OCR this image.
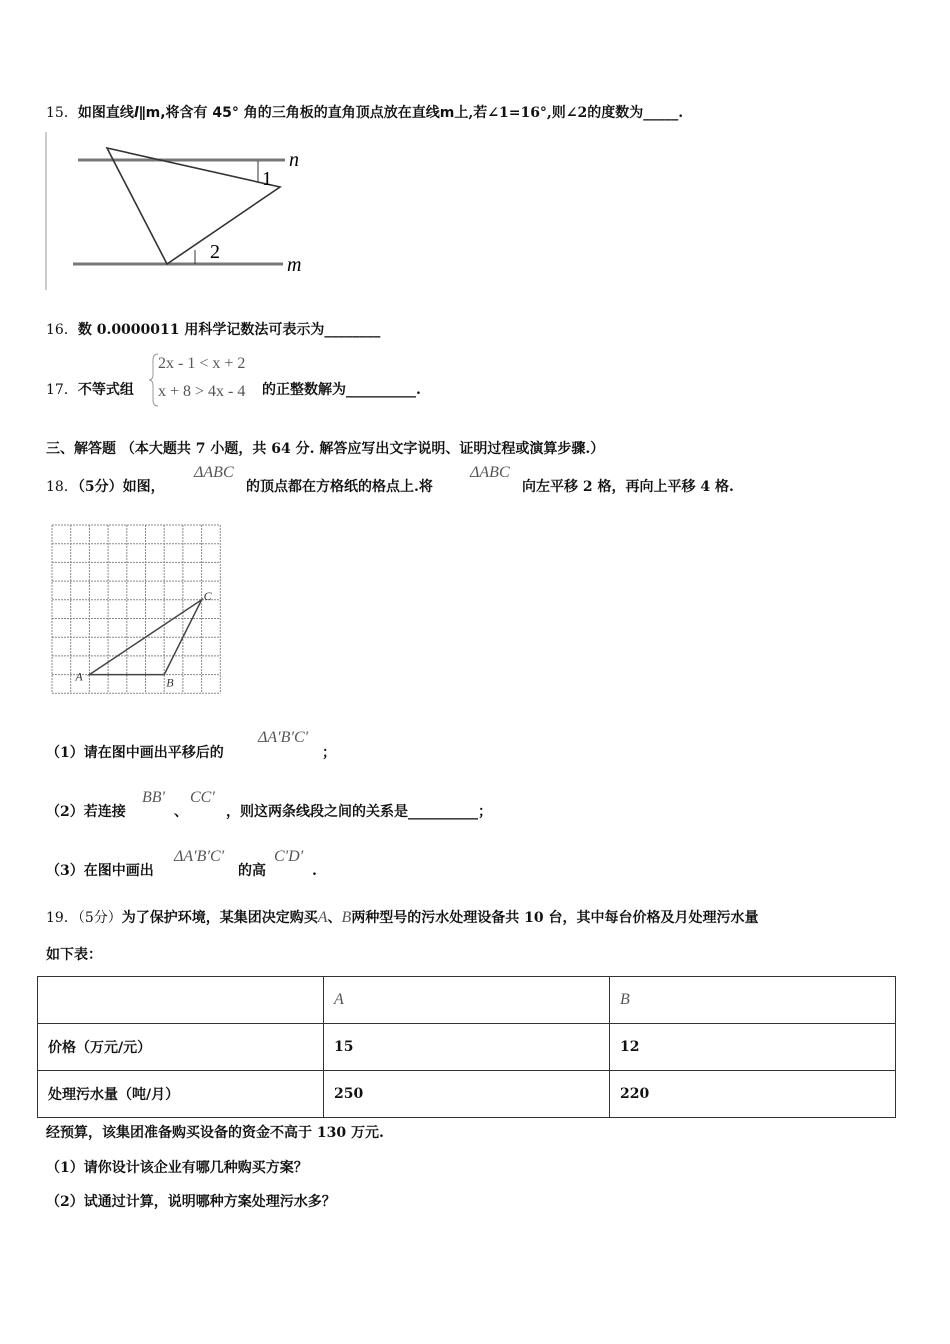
15．如图直线l∥m,将含有 45° 角的三角板的直角顶点放在直线m上,若∠1=16°,则∠2的度数为_____.
1
2
n
m
16．数 0.0000011 用科学记数法可表示为________
17．不等式组
2x - 1 < x + 2
x + 8 > 4x - 4 的正整数解为__________.
三、解答题 （本大题共 7 小题，共 64 分. 解答应写出文字说明、证明过程或演算步骤.）
18．（5分）如图，
ΔABC
的顶点都在方格纸的格点上.将
ΔABC
向左平移 2 格，再向上平移 4 格.
A	B
C
（1）请在图中画出平移后的
ΔA′B′C′
；
（2）若连接
BB′
、
CC′
，则这两条线段之间的关系是__________；
（3）在图中画出
ΔA′B′C′
的高
C′D′
.
19．（5分）为了保护环境，某集团决定购买A、B两种型号的污水处理设备共 10 台，其中每台价格及月处理污水量
如下表：
	A	B
价格（万元/元）	15	12
处理污水量（吨/月）	250	220
经预算，该集团准备购买设备的资金不高于 130 万元.
（1）请你设计该企业有哪几种购买方案？
（2）试通过计算，说明哪种方案处理污水多？
